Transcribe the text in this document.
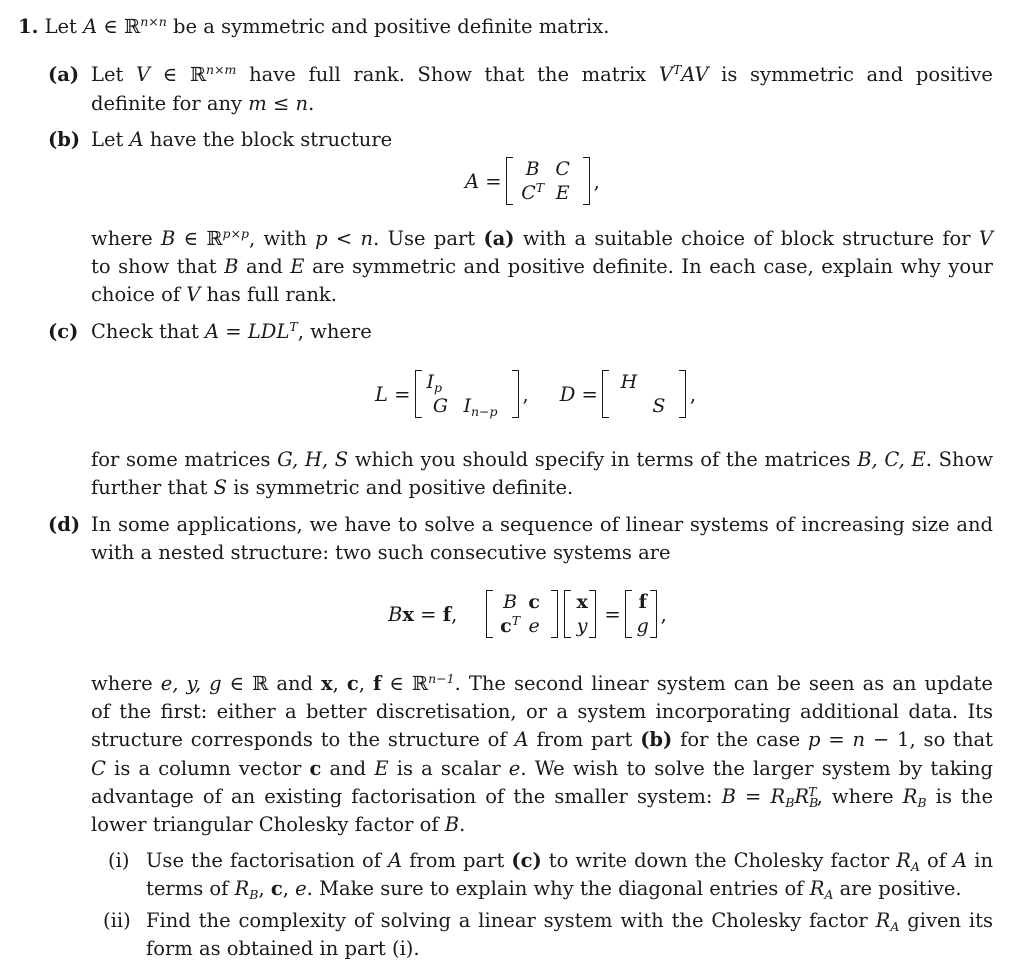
1. Let A ∈ ℝ$^{n\times n}$ be a symmetric and positive definite matrix.
(a) Let V ∈ ℝ$^{n\times m}$ have full rank. Show that the matrix $V^TAV$ is symmetric and positive
definite for any m ≤ n.
(b) Let A have the block structure
A =
B C
$C^T$ E
,
where B ∈ ℝ$^{p\times p}$, with p < n. Use part (a) with a suitable choice of block structure for V
to show that B and E are symmetric and positive definite. In each case, explain why your
choice of V has full rank.
(c) Check that $A = LDL^T$, where
L =
$I_p$
G $I_{n-p}$
, D =
H
S
,
for some matrices G, H, S which you should specify in terms of the matrices B, C, E. Show
further that S is symmetric and positive definite.
(d) In some applications, we have to solve a sequence of linear systems of increasing size and
with a nested structure: two such consecutive systems are
B x = f ,
B c
$c^T$ e
x
y
=
f
g
,
where e, y, g ∈ ℝ and x, c, f ∈ ℝ$^{n-1}$. The second linear system can be seen as an update
of the first: either a better discretisation, or a system incorporating additional data. Its
structure corresponds to the structure of A from part (b) for the case p = n − 1, so that
C is a column vector c and E is a scalar e. We wish to solve the larger system by taking
advantage of an existing factorisation of the smaller system: $B = R_BR_B^T$, where $R_B$ is the
lower triangular Cholesky factor of B.
(i) Use the factorisation of A from part (c) to write down the Cholesky factor $R_A$ of A in
terms of $R_B$, c, e. Make sure to explain why the diagonal entries of $R_A$ are positive.
(ii) Find the complexity of solving a linear system with the Cholesky factor $R_A$ given its
form as obtained in part (i).
